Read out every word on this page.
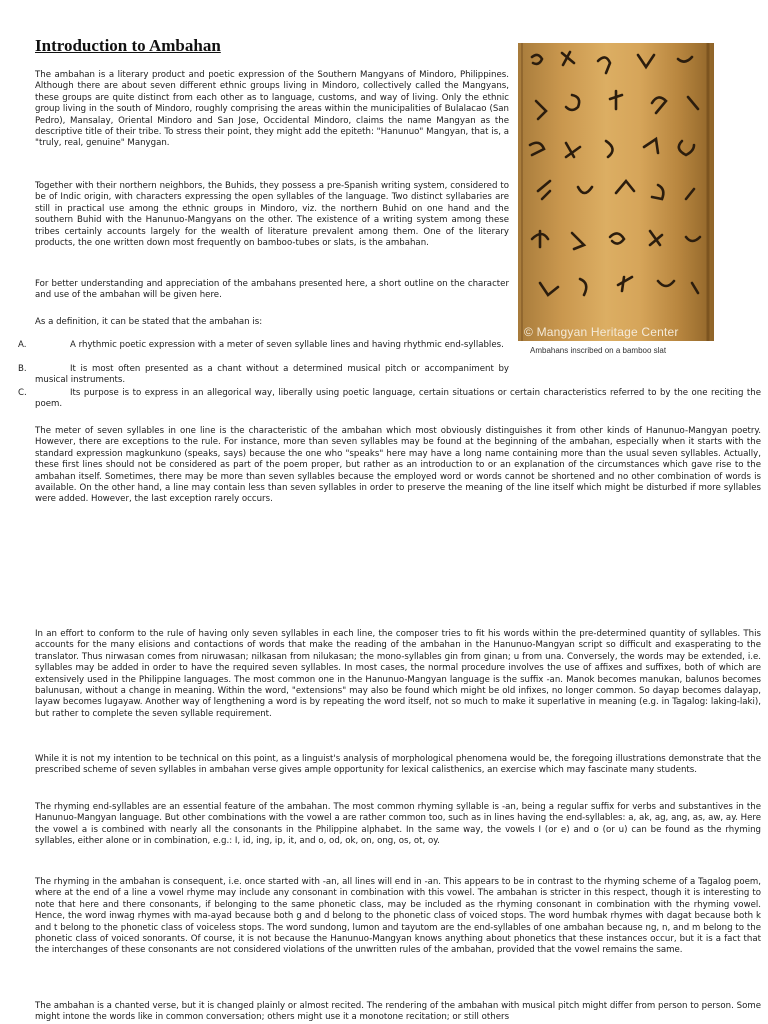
Introduction to Ambahan

The ambahan is a literary product and poetic expression of the Southern Mangyans of Mindoro, Philippines. Although there are about seven different ethnic groups living in Mindoro, collectively called the Mangyans, these groups are quite distinct from each other as to language, customs, and way of living. Only the ethnic group living in the south of Mindoro, roughly comprising the areas within the municipalities of Bulalacao (San Pedro), Mansalay, Oriental Mindoro and San Jose, Occidental Mindoro, claims the name Mangyan as the descriptive title of their tribe. To stress their point, they might add the epiteth: "Hanunuo" Mangyan, that is, a "truly, real, genuine" Manygan.

Together with their northern neighbors, the Buhids, they possess a pre-Spanish writing system, considered to be of Indic origin, with characters expressing the open syllables of the language. Two distinct syllabaries are still in practical use among the ethnic groups in Mindoro, viz. the northern Buhid on one hand and the southern Buhid with the Hanunuo-Mangyans on the other. The existence of a writing system among these tribes certainly accounts largely for the wealth of literature prevalent among them. One of the literary products, the one written down most frequently on bamboo-tubes or slats, is the ambahan.

For better understanding and appreciation of the ambahans presented here, a short outline on the character and use of the ambahan will be given here.

As a definition, it can be stated that the ambahan is:

A.	A rhythmic poetic expression with a meter of seven syllable lines and having rhythmic end-syllables.
B.	It is most often presented as a chant without a determined musical pitch or accompaniment by musical instruments.
C.	Its purpose is to express in an allegorical way, liberally using poetic language, certain situations or certain characteristics referred to by the one reciting the poem.

The meter of seven syllables in one line is the characteristic of the ambahan which most obviously distinguishes it from other kinds of Hanunuo-Mangyan poetry. However, there are exceptions to the rule. For instance, more than seven syllables may be found at the beginning of the ambahan, especially when it starts with the standard expression magkunkuno (speaks, says) because the one who "speaks" here may have a long name containing more than the usual seven syllables. Actually, these first lines should not be considered as part of the poem proper, but rather as an introduction to or an explanation of the circumstances which gave rise to the ambahan itself. Sometimes, there may be more than seven syllables because the employed word or words cannot be shortened and no other combination of words is available. On the other hand, a line may contain less than seven syllables in order to preserve the meaning of the line itself which might be disturbed if more syllables were added. However, the last exception rarely occurs.

In an effort to conform to the rule of having only seven syllables in each line, the composer tries to fit his words within the pre-determined quantity of syllables. This accounts for the many elisions and contactions of words that make the reading of the ambahan in the Hanunuo-Mangyan script so difficult and exasperating to the translator. Thus nirwasan comes from niruwasan; nilkasan from nilukasan; the mono-syllables gin from ginan; u from una. Conversely, the words may be extended, i.e. syllables may be added in order to have the required seven syllables. In most cases, the normal procedure involves the use of affixes and suffixes, both of which are extensively used in the Philippine languages. The most common one in the Hanunuo-Mangyan language is the suffix -an. Manok becomes manukan, balunos becomes balunusan, without a change in meaning. Within the word, "extensions" may also be found which might be old infixes, no longer common. So dayap becomes dalayap, layaw becomes lugayaw. Another way of lengthening a word is by repeating the word itself, not so much to make it superlative in meaning (e.g. in Tagalog: laking-laki), but rather to complete the seven syllable requirement.

While it is not my intention to be technical on this point, as a linguist's analysis of morphological phenomena would be, the foregoing illustrations demonstrate that the prescribed scheme of seven syllables in ambahan verse gives ample opportunity for lexical calisthenics, an exercise which may fascinate many students.

The rhyming end-syllables are an essential feature of the ambahan. The most common rhyming syllable is -an, being a regular suffix for verbs and substantives in the Hanunuo-Mangyan language. But other combinations with the vowel a are rather common too, such as in lines having the end-syllables: a, ak, ag, ang, as, aw, ay. Here the vowel a is combined with nearly all the consonants in the Philippine alphabet. In the same way, the vowels I (or e) and o (or u) can be found as the rhyming syllables, either alone or in combination, e.g.: I, id, ing, ip, it, and o, od, ok, on, ong, os, ot, oy.

The rhyming in the ambahan is consequent, i.e. once started with -an, all lines will end in -an. This appears to be in contrast to the rhyming scheme of a Tagalog poem, where at the end of a line a vowel rhyme may include any consonant in combination with this vowel. The ambahan is stricter in this respect, though it is interesting to note that here and there consonants, if belonging to the same phonetic class, may be included as the rhyming consonant in combination with the rhyming vowel. Hence, the word inwag rhymes with ma-ayad because both g and d belong to the phonetic class of voiced stops. The word humbak rhymes with dagat because both k and t belong to the phonetic class of voiceless stops. The word sundong, lumon and tayutom are the end-syllables of one ambahan because ng, n, and m belong to the phonetic class of voiced sonorants. Of course, it is not because the Hanunuo-Mangyan knows anything about phonetics that these instances occur, but it is a fact that the interchanges of these consonants are not considered violations of the unwritten rules of the ambahan, provided that the vowel remains the same.

The ambahan is a chanted verse, but it is changed plainly or almost recited. The rendering of the ambahan with musical pitch might differ from person to person. Some might intone the words like in common conversation; others might use it a monotone recitation; or still others

© Mangyan Heritage Center
Ambahans inscribed on a bamboo slat
